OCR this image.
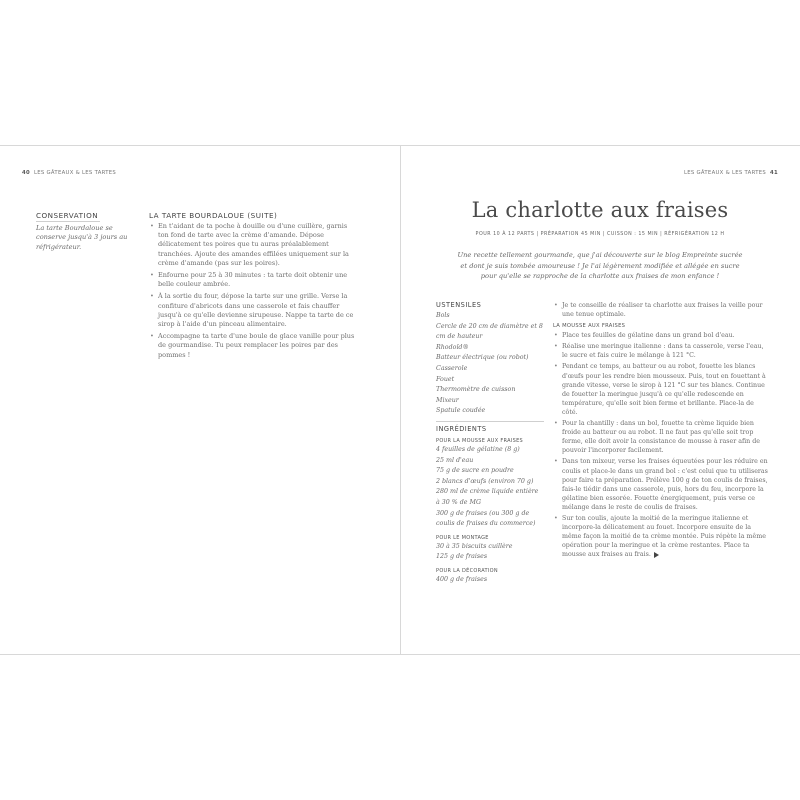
40 LES GÂTEAUX & LES TARTES
CONSERVATION
La tarte Bourdaloue se conserve jusqu'à 3 jours au réfrigérateur.
LA TARTE BOURDALOUE (SUITE)
• En t'aidant de ta poche à douille ou d'une cuillère, garnis ton fond de tarte avec la crème d'amande. Dépose délicatement tes poires que tu auras préalablement tranchées. Ajoute des amandes effilées uniquement sur la crème d'amande (pas sur les poires).
• Enfourne pour 25 à 30 minutes : ta tarte doit obtenir une belle couleur ambrée.
• À la sortie du four, dépose la tarte sur une grille. Verse la confiture d'abricots dans une casserole et fais chauffer jusqu'à ce qu'elle devienne sirupeuse. Nappe ta tarte de ce sirop à l'aide d'un pinceau alimentaire.
• Accompagne ta tarte d'une boule de glace vanille pour plus de gourmandise. Tu peux remplacer les poires par des pommes !
LES GÂTEAUX & LES TARTES 41
La charlotte aux fraises
POUR 10 À 12 PARTS | PRÉPARATION 45 MIN | CUISSON : 15 MIN | RÉFRIGÉRATION 12 H
Une recette tellement gourmande, que j'ai découverte sur le blog Empreinte sucrée et dont je suis tombée amoureuse ! Je l'ai légèrement modifiée et allégée en sucre pour qu'elle se rapproche de la charlotte aux fraises de mon enfance !
USTENSILES
Bols
Cercle de 20 cm de diamètre et 8 cm de hauteur
Rhodoïd®
Batteur électrique (ou robot)
Casserole
Fouet
Thermomètre de cuisson
Mixeur
Spatule coudée
INGRÉDIENTS
POUR LA MOUSSE AUX FRAISES
4 feuilles de gélatine (8 g)
25 ml d'eau
75 g de sucre en poudre
2 blancs d'œufs (environ 70 g)
280 ml de crème liquide entière à 30 % de MG
300 g de fraises (ou 300 g de coulis de fraises du commerce)
POUR LE MONTAGE
30 à 35 biscuits cuillère
125 g de fraises
POUR LA DÉCORATION
400 g de fraises
• Je te conseille de réaliser ta charlotte aux fraises la veille pour une tenue optimale.
LA MOUSSE AUX FRAISES
• Place tes feuilles de gélatine dans un grand bol d'eau.
• Réalise une meringue italienne : dans ta casserole, verse l'eau, le sucre et fais cuire le mélange à 121 °C.
• Pendant ce temps, au batteur ou au robot, fouette les blancs d'œufs pour les rendre bien mousseux. Puis, tout en fouettant à grande vitesse, verse le sirop à 121 °C sur tes blancs. Continue de fouetter la meringue jusqu'à ce qu'elle redescende en température, qu'elle soit bien ferme et brillante. Place-la de côté.
• Pour la chantilly : dans un bol, fouette ta crème liquide bien froide au batteur ou au robot. Il ne faut pas qu'elle soit trop ferme, elle doit avoir la consistance de mousse à raser afin de pouvoir l'incorporer facilement.
• Dans ton mixeur, verse les fraises équeutées pour les réduire en coulis et place-le dans un grand bol : c'est celui que tu utiliseras pour faire ta préparation. Prélève 100 g de ton coulis de fraises, fais-le tiédir dans une casserole, puis, hors du feu, incorpore la gélatine bien essorée. Fouette énergiquement, puis verse ce mélange dans le reste de coulis de fraises.
• Sur ton coulis, ajoute la moitié de la meringue italienne et incorpore-la délicatement au fouet. Incorpore ensuite de la même façon la moitié de ta crème montée. Puis répète la même opération pour la meringue et la crème restantes. Place ta mousse aux fraises au frais.
